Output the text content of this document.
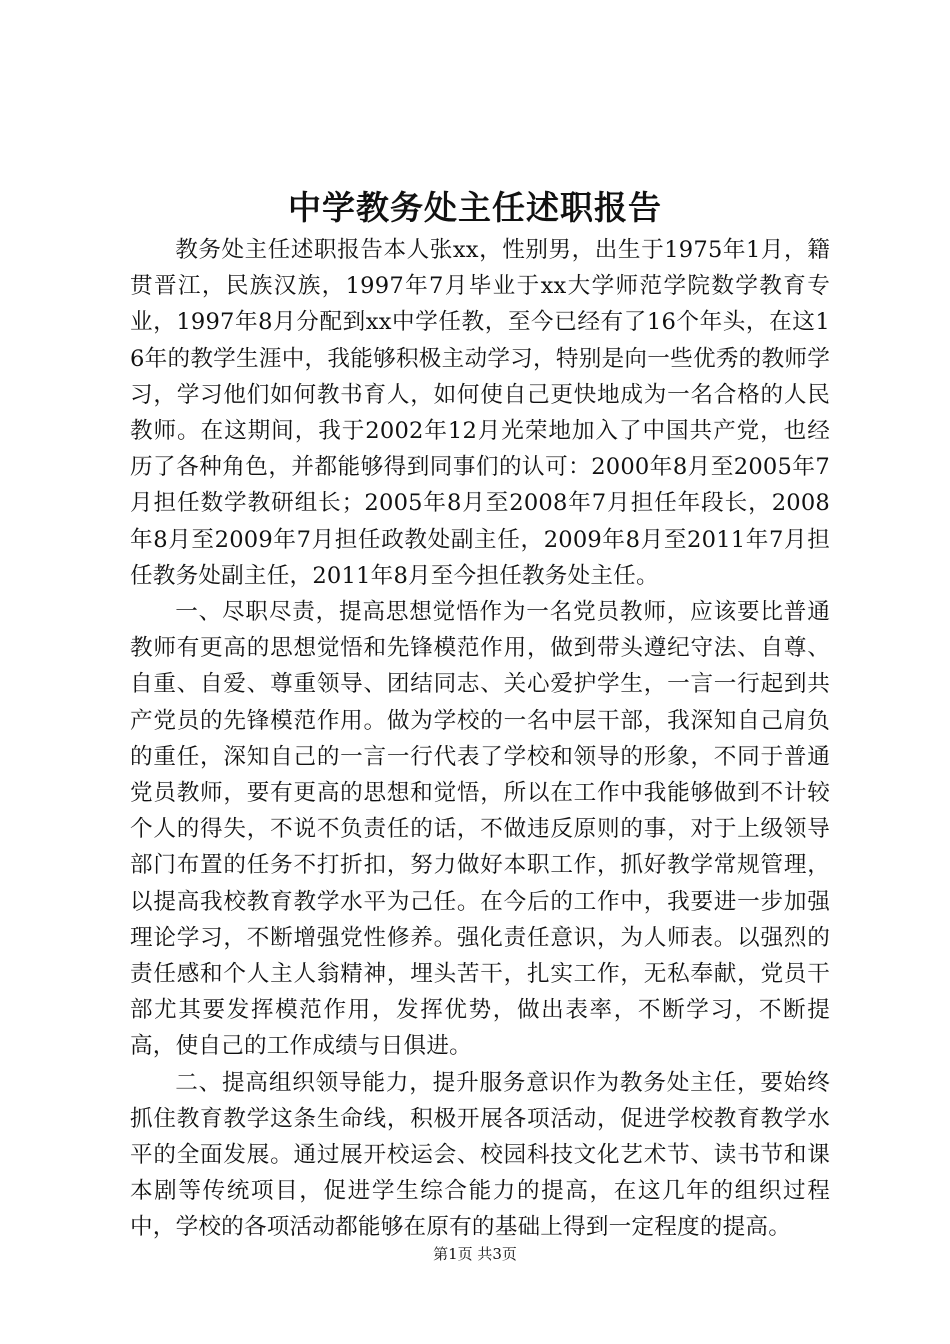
中学教务处主任述职报告

教务处主任述职报告本人张xx，性别男，出生于1975年1月，籍贯晋江，民族汉族，1997年7月毕业于xx大学师范学院数学教育专业，1997年8月分配到xx中学任教，至今已经有了16个年头，在这16年的教学生涯中，我能够积极主动学习，特别是向一些优秀的教师学习，学习他们如何教书育人，如何使自己更快地成为一名合格的人民教师。在这期间，我于2002年12月光荣地加入了中国共产党，也经历了各种角色，并都能够得到同事们的认可：2000年8月至2005年7月担任数学教研组长；2005年8月至2008年7月担任年段长，2008年8月至2009年7月担任政教处副主任，2009年8月至2011年7月担任教务处副主任，2011年8月至今担任教务处主任。

一、尽职尽责，提高思想觉悟作为一名党员教师，应该要比普通教师有更高的思想觉悟和先锋模范作用，做到带头遵纪守法、自尊、自重、自爱、尊重领导、团结同志、关心爱护学生，一言一行起到共产党员的先锋模范作用。做为学校的一名中层干部，我深知自己肩负的重任，深知自己的一言一行代表了学校和领导的形象，不同于普通党员教师，要有更高的思想和觉悟，所以在工作中我能够做到不计较个人的得失，不说不负责任的话，不做违反原则的事，对于上级领导部门布置的任务不打折扣，努力做好本职工作，抓好教学常规管理，以提高我校教育教学水平为己任。在今后的工作中，我要进一步加强理论学习，不断增强党性修养。强化责任意识，为人师表。以强烈的责任感和个人主人翁精神，埋头苦干，扎实工作，无私奉献，党员干部尤其要发挥模范作用，发挥优势，做出表率，不断学习，不断提高，使自己的工作成绩与日俱进。

二、提高组织领导能力，提升服务意识作为教务处主任，要始终抓住教育教学这条生命线，积极开展各项活动，促进学校教育教学水平的全面发展。通过展开校运会、校园科技文化艺术节、读书节和课本剧等传统项目，促进学生综合能力的提高，在这几年的组织过程中，学校的各项活动都能够在原有的基础上得到一定程度的提高。

第1页 共3页
